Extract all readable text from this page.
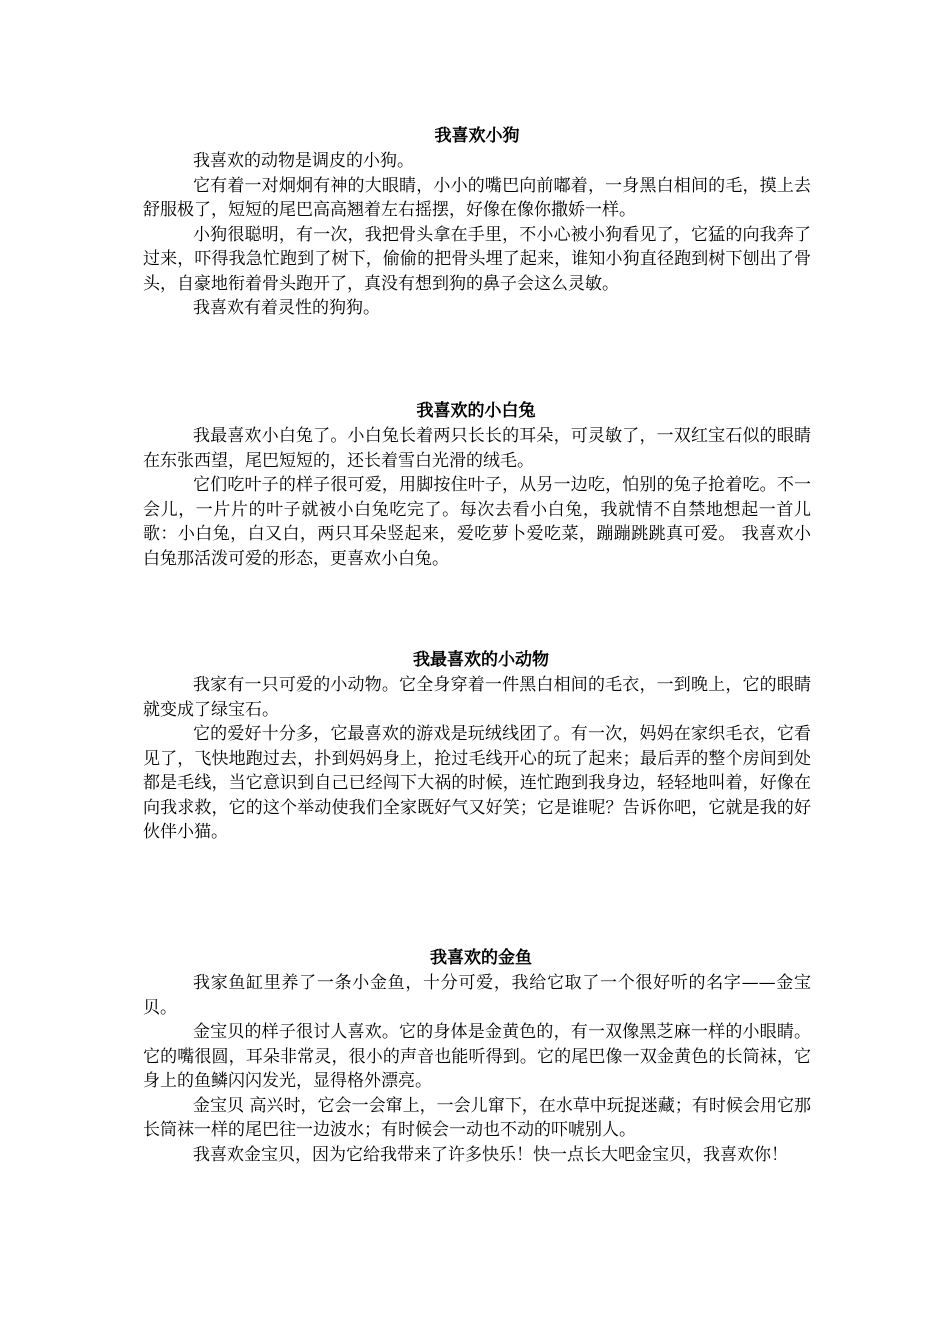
我喜欢小狗

我喜欢的动物是调皮的小狗。

它有着一对炯炯有神的大眼睛，小小的嘴巴向前嘟着，一身黑白相间的毛，摸上去舒服极了，短短的尾巴高高翘着左右摇摆，好像在像你撒娇一样。

小狗很聪明，有一次，我把骨头拿在手里，不小心被小狗看见了，它猛的向我奔了过来，吓得我急忙跑到了树下，偷偷的把骨头埋了起来，谁知小狗直径跑到树下刨出了骨头，自豪地衔着骨头跑开了，真没有想到狗的鼻子会这么灵敏。

我喜欢有着灵性的狗狗。

我喜欢的小白兔

我最喜欢小白兔了。小白兔长着两只长长的耳朵，可灵敏了，一双红宝石似的眼睛在东张西望，尾巴短短的，还长着雪白光滑的绒毛。

它们吃叶子的样子很可爱，用脚按住叶子，从另一边吃，怕别的兔子抢着吃。不一会儿，一片片的叶子就被小白兔吃完了。每次去看小白兔，我就情不自禁地想起一首儿歌：小白兔，白又白，两只耳朵竖起来，爱吃萝卜爱吃菜，蹦蹦跳跳真可爱。 我喜欢小白兔那活泼可爱的形态，更喜欢小白兔。

我最喜欢的小动物

我家有一只可爱的小动物。它全身穿着一件黑白相间的毛衣，一到晚上，它的眼睛就变成了绿宝石。

它的爱好十分多，它最喜欢的游戏是玩绒线团了。有一次，妈妈在家织毛衣，它看见了，飞快地跑过去，扑到妈妈身上，抢过毛线开心的玩了起来；最后弄的整个房间到处都是毛线，当它意识到自己已经闯下大祸的时候，连忙跑到我身边，轻轻地叫着，好像在向我求救，它的这个举动使我们全家既好气又好笑；它是谁呢？告诉你吧，它就是我的好伙伴小猫。

我喜欢的金鱼

我家鱼缸里养了一条小金鱼，十分可爱，我给它取了一个很好听的名字——金宝贝。

金宝贝的样子很讨人喜欢。它的身体是金黄色的，有一双像黑芝麻一样的小眼睛。它的嘴很圆，耳朵非常灵，很小的声音也能听得到。它的尾巴像一双金黄色的长筒袜，它身上的鱼鳞闪闪发光，显得格外漂亮。

金宝贝 高兴时，它会一会窜上，一会儿窜下，在水草中玩捉迷藏；有时候会用它那长筒袜一样的尾巴往一边波水；有时候会一动也不动的吓唬别人。

我喜欢金宝贝，因为它给我带来了许多快乐！快一点长大吧金宝贝，我喜欢你！
